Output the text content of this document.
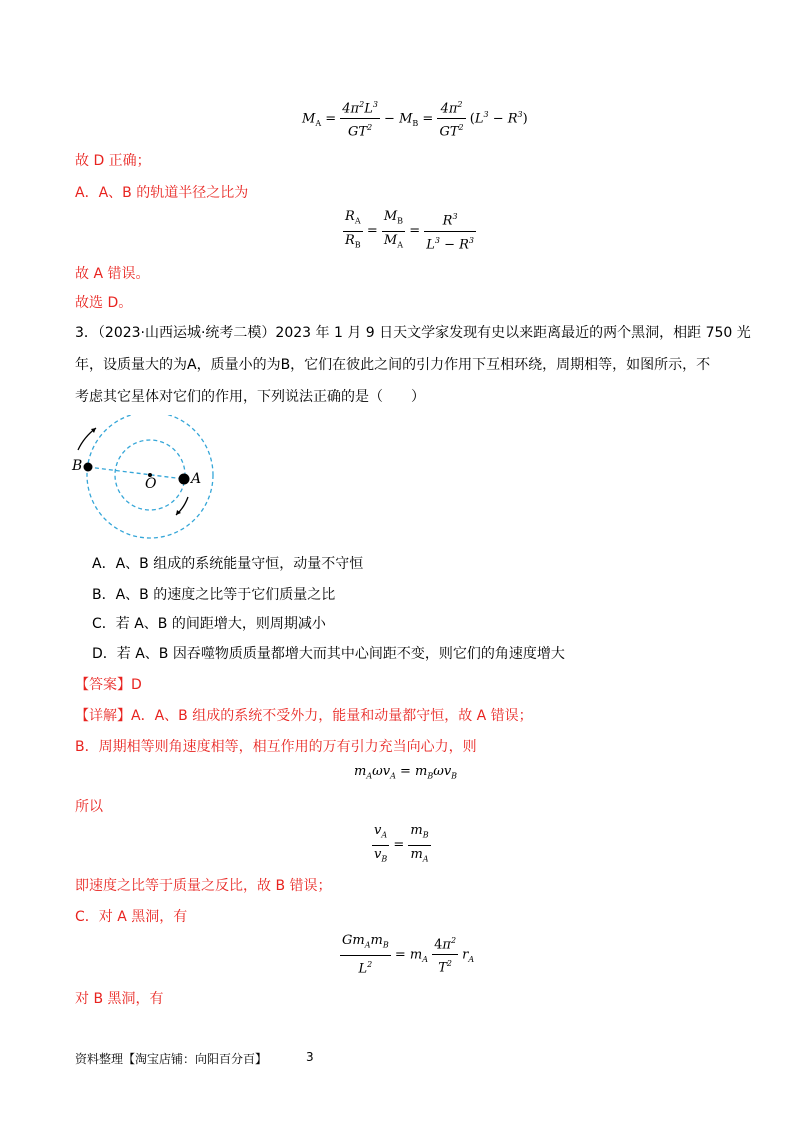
$M_A = \frac{4\pi^2L^3}{GT^2} - M_B = \frac{4\pi^2}{GT^2} (L^3 - R^3)$
故 D 正确；
A．A、B 的轨道半径之比为
$\frac{R_A}{R_B} = \frac{M_B}{M_A} = \frac{R^3}{L^3 - R^3}$
故 A 错误。
故选 D。
3．（2023·山西运城·统考二模）2023 年 1 月 9 日天文学家发现有史以来距离最近的两个黑洞，相距 750 光
年，设质量大的为A，质量小的为B，它们在彼此之间的引力作用下互相环绕，周期相等，如图所示，不
考虑其它星体对它们的作用，下列说法正确的是（　　）
B
O A
A．A、B 组成的系统能量守恒，动量不守恒
B．A、B 的速度之比等于它们质量之比
C．若 A、B 的间距增大，则周期减小
D．若 A、B 因吞噬物质质量都增大而其中心间距不变，则它们的角速度增大
【答案】D
【详解】A．A、B 组成的系统不受外力，能量和动量都守恒，故 A 错误；
B．周期相等则角速度相等，相互作用的万有引力充当向心力，则
$m_A\omega v_A = m_B\omega v_B$
所以
$\frac{v_A}{v_B} = \frac{m_B}{m_A}$
即速度之比等于质量之反比，故 B 错误；
C．对 A 黑洞，有
$\frac{Gm_Am_B}{L^2} = m_A \frac{4\pi^2}{T^2} r_A$
对 B 黑洞，有
资料整理【淘宝店铺：向阳百分百】	3
